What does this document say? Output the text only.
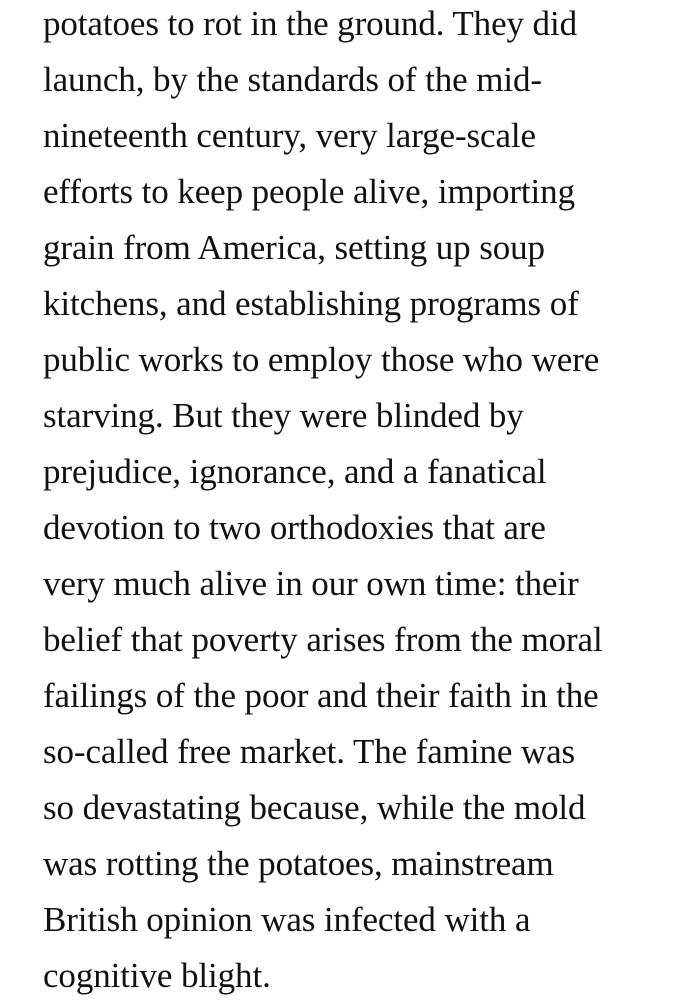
potatoes to rot in the ground. They did
launch, by the standards of the mid-
nineteenth century, very large-scale
efforts to keep people alive, importing
grain from America, setting up soup
kitchens, and establishing programs of
public works to employ those who were
starving. But they were blinded by
prejudice, ignorance, and a fanatical
devotion to two orthodoxies that are
very much alive in our own time: their
belief that poverty arises from the moral
failings of the poor and their faith in the
so-called free market. The famine was
so devastating because, while the mold
was rotting the potatoes, mainstream
British opinion was infected with a
cognitive blight.
